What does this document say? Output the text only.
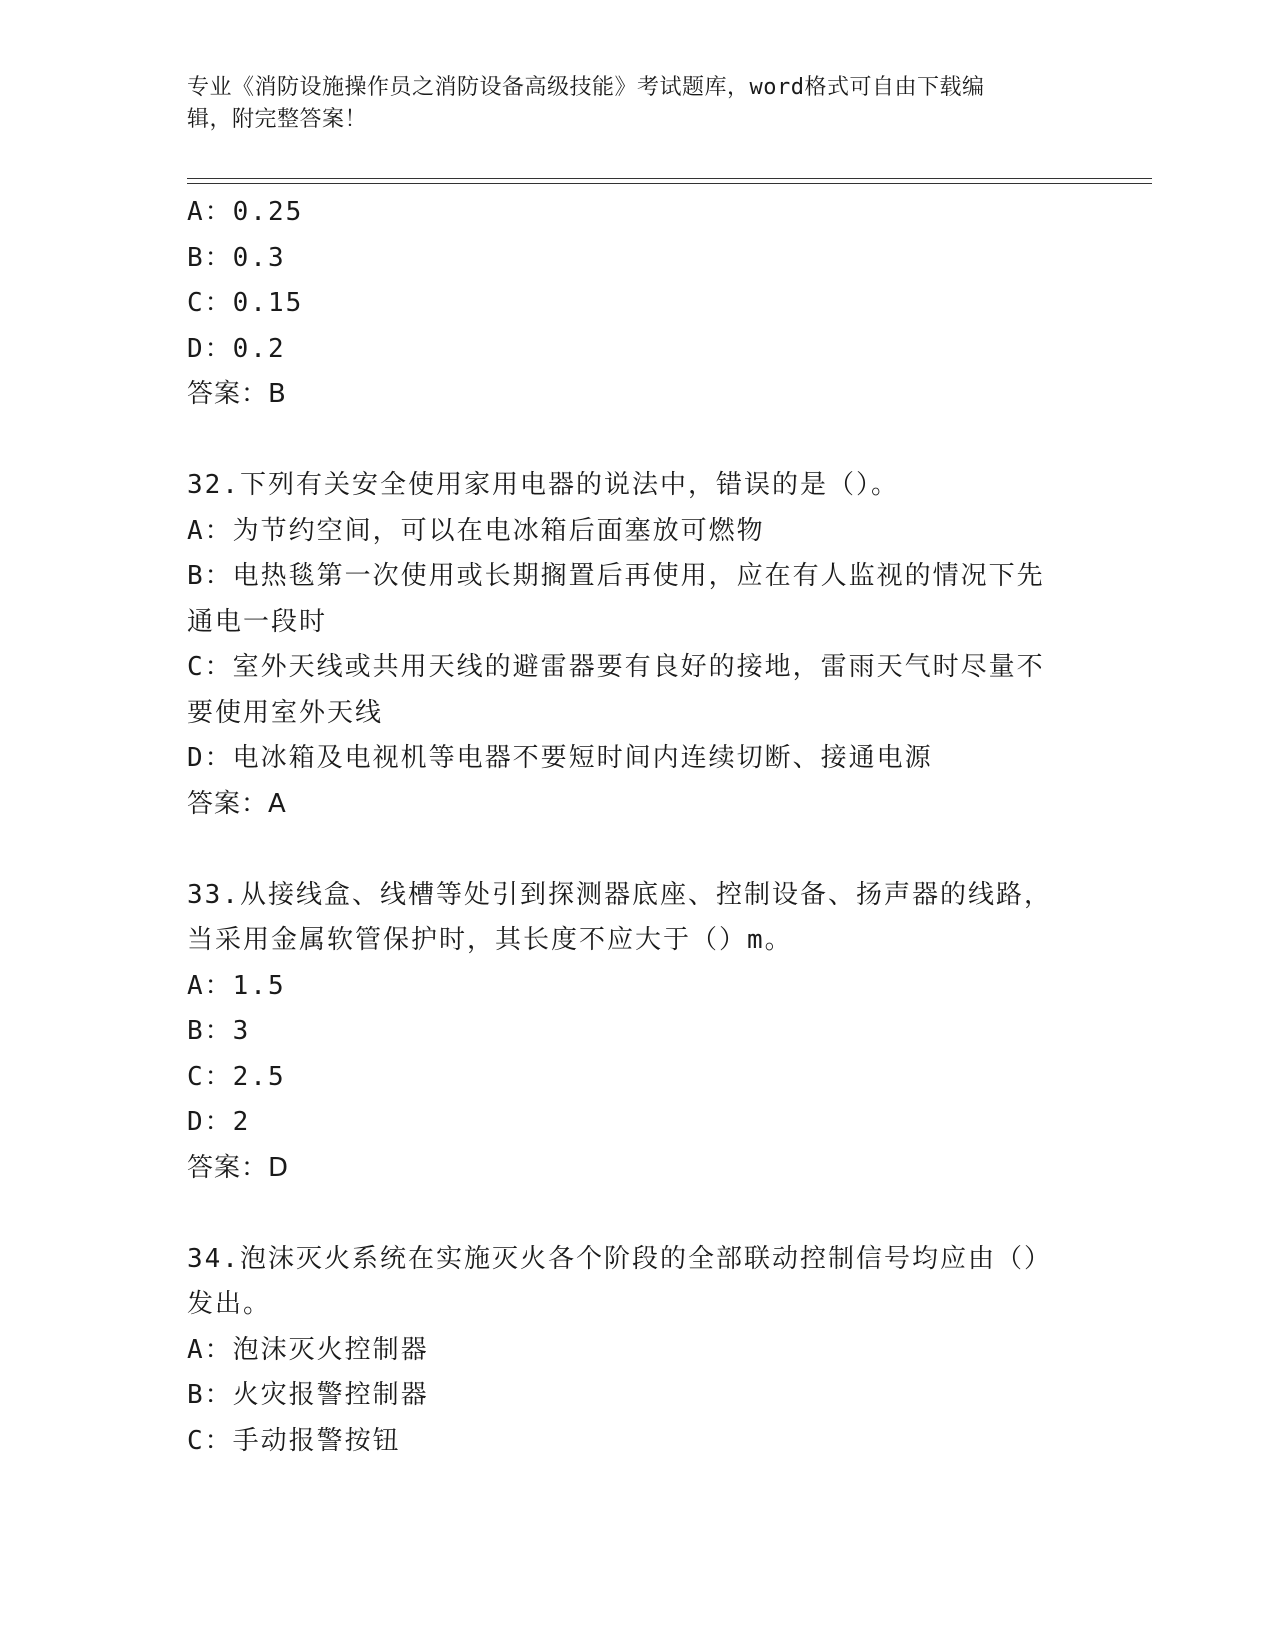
专业《消防设施操作员之消防设备高级技能》考试题库，word格式可自由下载编
辑，附完整答案！
A：0.25
B：0.3
C：0.15
D：0.2
答案：B
32.下列有关安全使用家用电器的说法中，错误的是（）。
A：为节约空间，可以在电冰箱后面塞放可燃物
B：电热毯第一次使用或长期搁置后再使用，应在有人监视的情况下先
通电一段时
C：室外天线或共用天线的避雷器要有良好的接地，雷雨天气时尽量不
要使用室外天线
D：电冰箱及电视机等电器不要短时间内连续切断、接通电源
答案：A
33.从接线盒、线槽等处引到探测器底座、控制设备、扬声器的线路，
当采用金属软管保护时，其长度不应大于（）m。
A：1.5
B：3
C：2.5
D：2
答案：D
34.泡沫灭火系统在实施灭火各个阶段的全部联动控制信号均应由（）
发出。
A：泡沫灭火控制器
B：火灾报警控制器
C：手动报警按钮
